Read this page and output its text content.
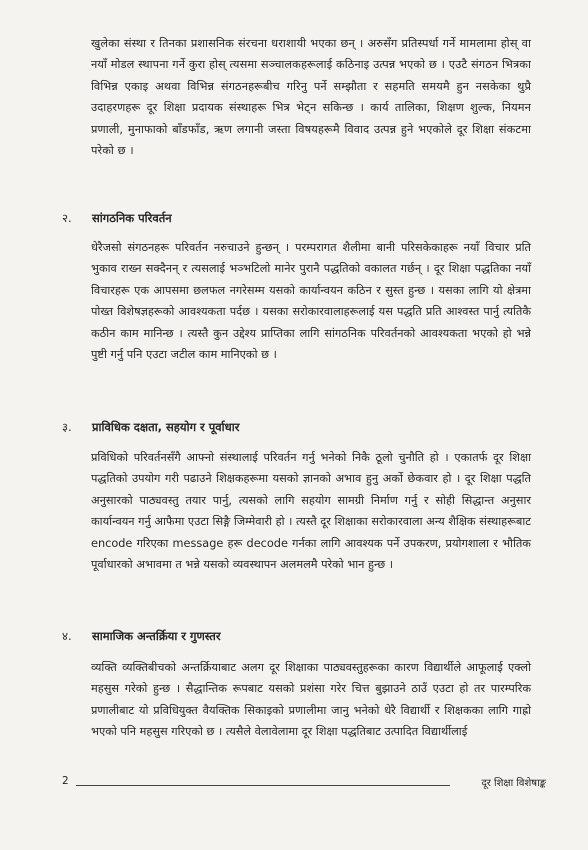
खुलेका संस्था र तिनका प्रशासनिक संरचना धराशायी भएका छन् । अरुसँग प्रतिस्पर्धा गर्ने मामलामा होस् वा नयाँ मोडल स्थापना गर्ने कुरा होस् त्यसमा सञ्चालकहरूलाई कठिनाइ उत्पन्न भएको छ । एउटै संगठन भित्रका विभिन्न एकाइ अथवा विभिन्न संगठनहरूबीच गरिनु पर्ने सम्झौता र सहमति समयमै हुन नसकेका थुप्रै उदाहरणहरू दूर शिक्षा प्रदायक संस्थाहरू भित्र भेट्न सकिन्छ । कार्य तालिका, शिक्षण शुल्क, नियमन प्रणाली, मुनाफाको बाँडफाँड, ऋण लगानी जस्ता विषयहरूमै विवाद उत्पन्न हुने भएकोले दूर शिक्षा संकटमा परेको छ ।

२. सांगठनिक परिवर्तन

धेरैजसो संगठनहरू परिवर्तन नरुचाउने हुन्छन् । परम्परागत शैलीमा बानी परिसकेकाहरू नयाँ विचार प्रति भुकाव राख्न सक्दैनन् र त्यसलाई भञ्भटिलो मानेर पुरानै पद्धतिको वकालत गर्छन् । दूर शिक्षा पद्धतिका नयाँ विचारहरू एक आपसमा छलफल नगरेसम्म यसको कार्यान्वयन कठिन र सुस्त हुन्छ । यसका लागि यो क्षेत्रमा पोख्त विशेषज्ञहरूको आवश्यकता पर्दछ । यसका सरोकारवालाहरूलाई यस पद्धति प्रति आश्वस्त पार्नु त्यतिकै कठीन काम मानिन्छ । त्यस्तै कुन उद्देश्य प्राप्तिका लागि सांगठनिक परिवर्तनको आवश्यकता भएको हो भन्ने पुष्टी गर्नु पनि एउटा जटील काम मानिएको छ ।

३. प्राविधिक दक्षता, सहयोग र पूर्वाधार

प्रविधिको परिवर्तनसँगै आफ्नो संस्थालाई परिवर्तन गर्नु भनेको निकै ठूलो चुनौति हो । एकातर्फ दूर शिक्षा पद्धतिको उपयोग गरी पढाउने शिक्षकहरूमा यसको ज्ञानको अभाव हुनु अर्को छेकवार हो । दूर शिक्षा पद्धति अनुसारको पाठ्यवस्तु तयार पार्नु, त्यसको लागि सहयोग सामग्री निर्माण गर्नु र सोही सिद्धान्त अनुसार कार्यान्वयन गर्नु आफैमा एउटा सिङ्गै जिम्मेवारी हो । त्यस्तै दूर शिक्षाका सरोकारवाला अन्य शैक्षिक संस्थाहरूबाट encode गरिएका message हरू decode गर्नका लागि आवश्यक पर्ने उपकरण, प्रयोगशाला र भौतिक पूर्वाधारको अभावमा त भन्ने यसको व्यवस्थापन अलमलमै परेको भान हुन्छ ।

४. सामाजिक अन्तर्क्रिया र गुणस्तर

व्यक्ति व्यक्तिबीचको अन्तर्क्रियाबाट अलग दूर शिक्षाका पाठ्यवस्तुहरूका कारण विद्यार्थीले आफूलाई एक्लो महसुस गरेको हुन्छ । सैद्धान्तिक रूपबाट यसको प्रशंसा गरेर चित्त बुझाउने ठाउँ एउटा हो तर पारम्परिक प्रणालीबाट यो प्रविधियुक्त वैयक्तिक सिकाइको प्रणालीमा जानु भनेको धेरै विद्यार्थी र शिक्षकका लागि गाह्रो भएको पनि महसुस गरिएको छ । त्यसैले वेलावेलामा दूर शिक्षा पद्धतिबाट उत्पादित विद्यार्थीलाई

2	दूर शिक्षा विशेषाङ्क
